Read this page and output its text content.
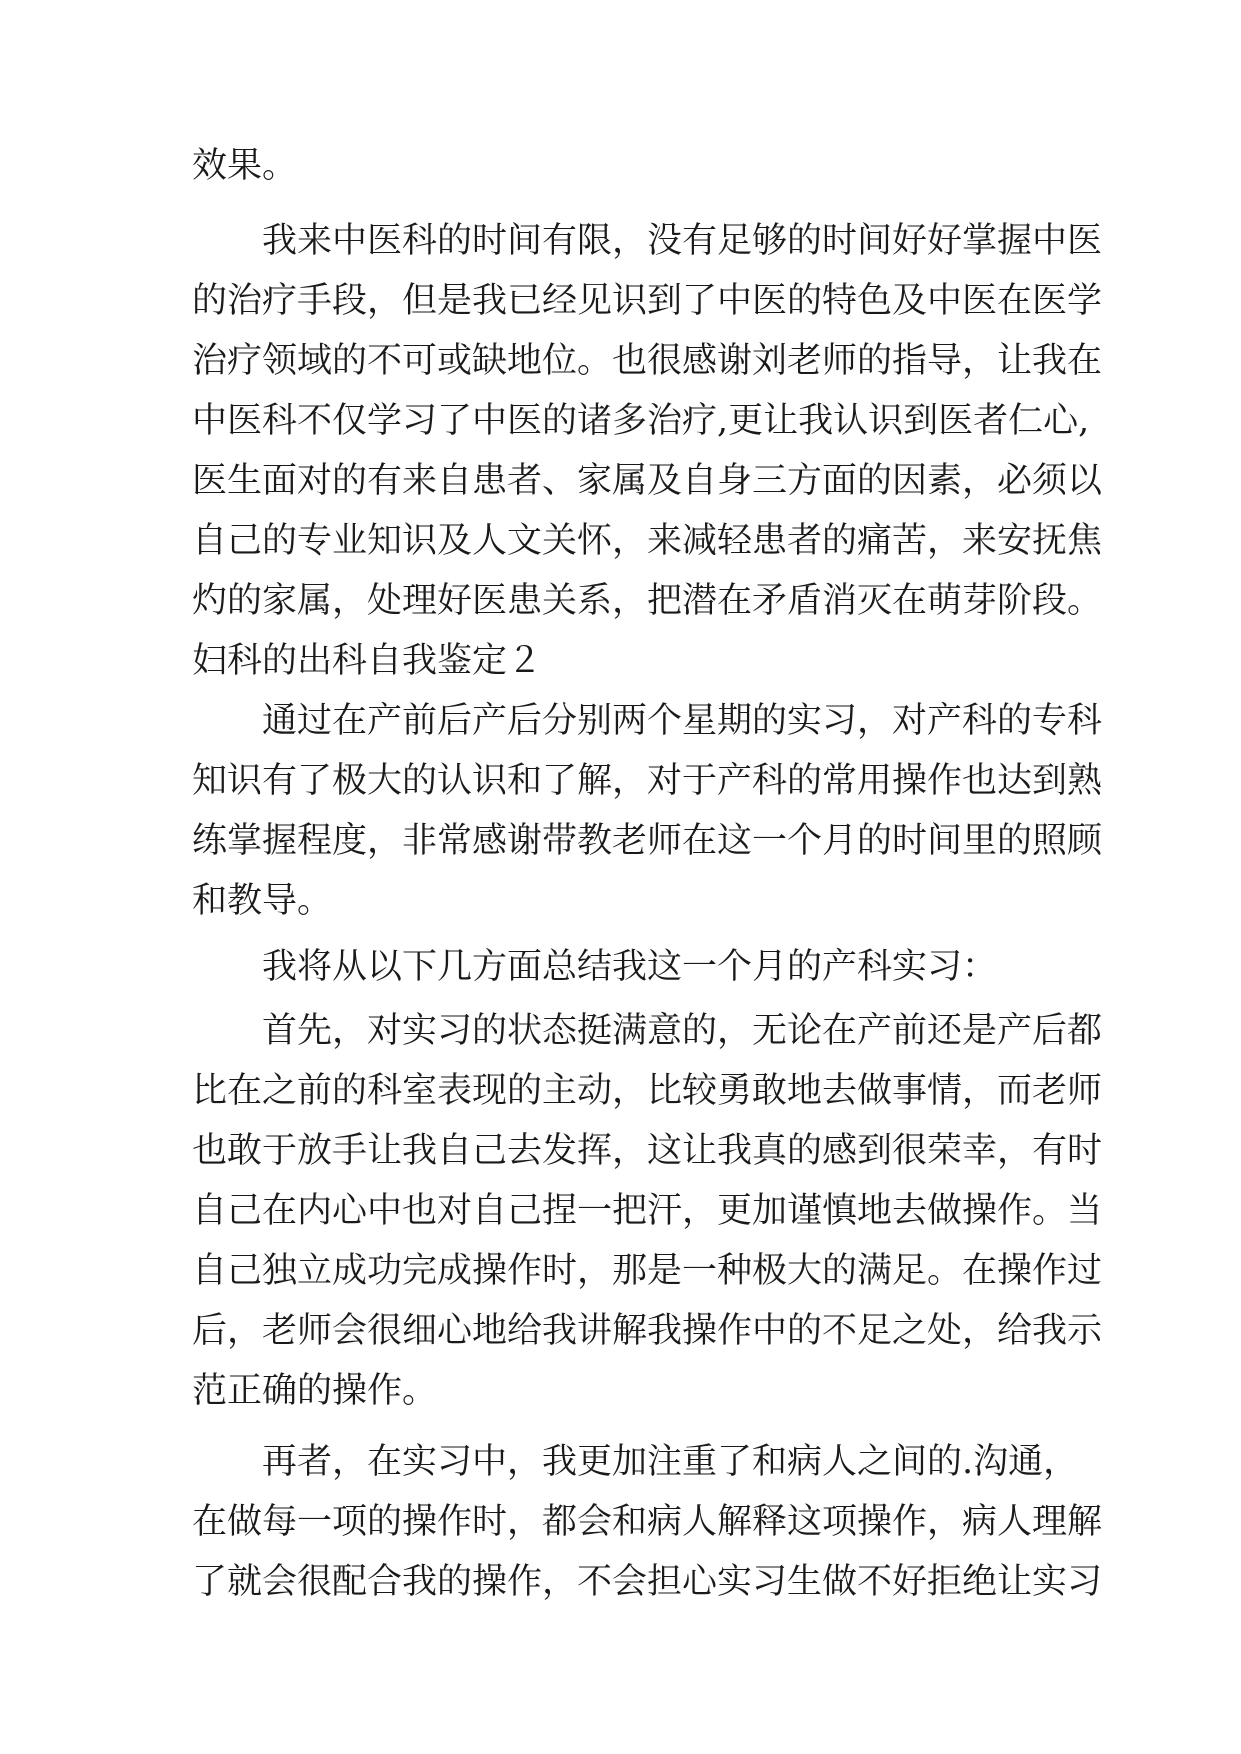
效果。
我来中医科的时间有限，没有足够的时间好好掌握中医
的治疗手段，但是我已经见识到了中医的特色及中医在医学
治疗领域的不可或缺地位。也很感谢刘老师的指导，让我在
中医科不仅学习了中医的诸多治疗,更让我认识到医者仁心,
医生面对的有来自患者、家属及自身三方面的因素，必须以
自己的专业知识及人文关怀，来减轻患者的痛苦，来安抚焦
灼的家属，处理好医患关系，把潜在矛盾消灭在萌芽阶段。
妇科的出科自我鉴定２
通过在产前后产后分别两个星期的实习，对产科的专科
知识有了极大的认识和了解，对于产科的常用操作也达到熟
练掌握程度，非常感谢带教老师在这一个月的时间里的照顾
和教导。
我将从以下几方面总结我这一个月的产科实习：
首先，对实习的状态挺满意的，无论在产前还是产后都
比在之前的科室表现的主动，比较勇敢地去做事情，而老师
也敢于放手让我自己去发挥，这让我真的感到很荣幸，有时
自己在内心中也对自己捏一把汗，更加谨慎地去做操作。当
自己独立成功完成操作时，那是一种极大的满足。在操作过
后，老师会很细心地给我讲解我操作中的不足之处，给我示
范正确的操作。
再者，在实习中，我更加注重了和病人之间的.沟通，
在做每一项的操作时，都会和病人解释这项操作，病人理解
了就会很配合我的操作，不会担心实习生做不好拒绝让实习
